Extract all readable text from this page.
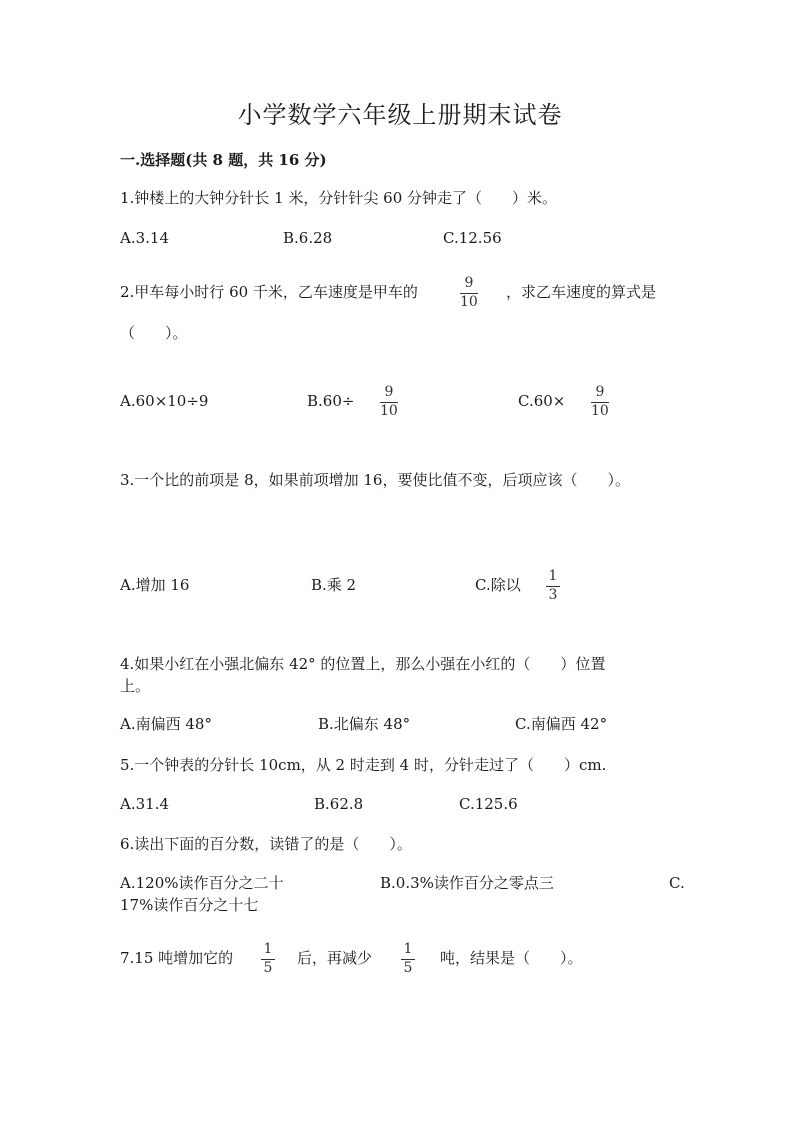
小学数学六年级上册期末试卷
一.选择题(共 8 题，共 16 分)
1.钟楼上的大钟分针长 1 米，分针针尖 60 分钟走了（　　）米。
A.3.14	B.6.28	C.12.56
2.甲车每小时行 60 千米，乙车速度是甲车的	9
10
，求乙车速度的算式是
（　　）。
A.60×10÷9	B.60÷ 9
10
C.60× 9
10
3.一个比的前项是 8，如果前项增加 16，要使比值不变，后项应该（　　）。
A.增加 16	B.乘 2	C.除以 1
3
4.如果小红在小强北偏东 42° 的位置上，那么小强在小红的（　　）位置
上。
A.南偏西 48°	B.北偏东 48°	C.南偏西 42°
5.一个钟表的分针长 10cm，从 2 时走到 4 时，分针走过了（　　）cm.
A.31.4	B.62.8	C.125.6
6.读出下面的百分数，读错了的是（　　）。
A.120%读作百分之二十	B.0.3%读作百分之零点三	C.
17%读作百分之十七
7.15 吨增加它的 1
5
后，再减少 1
5
吨，结果是（　　）。
